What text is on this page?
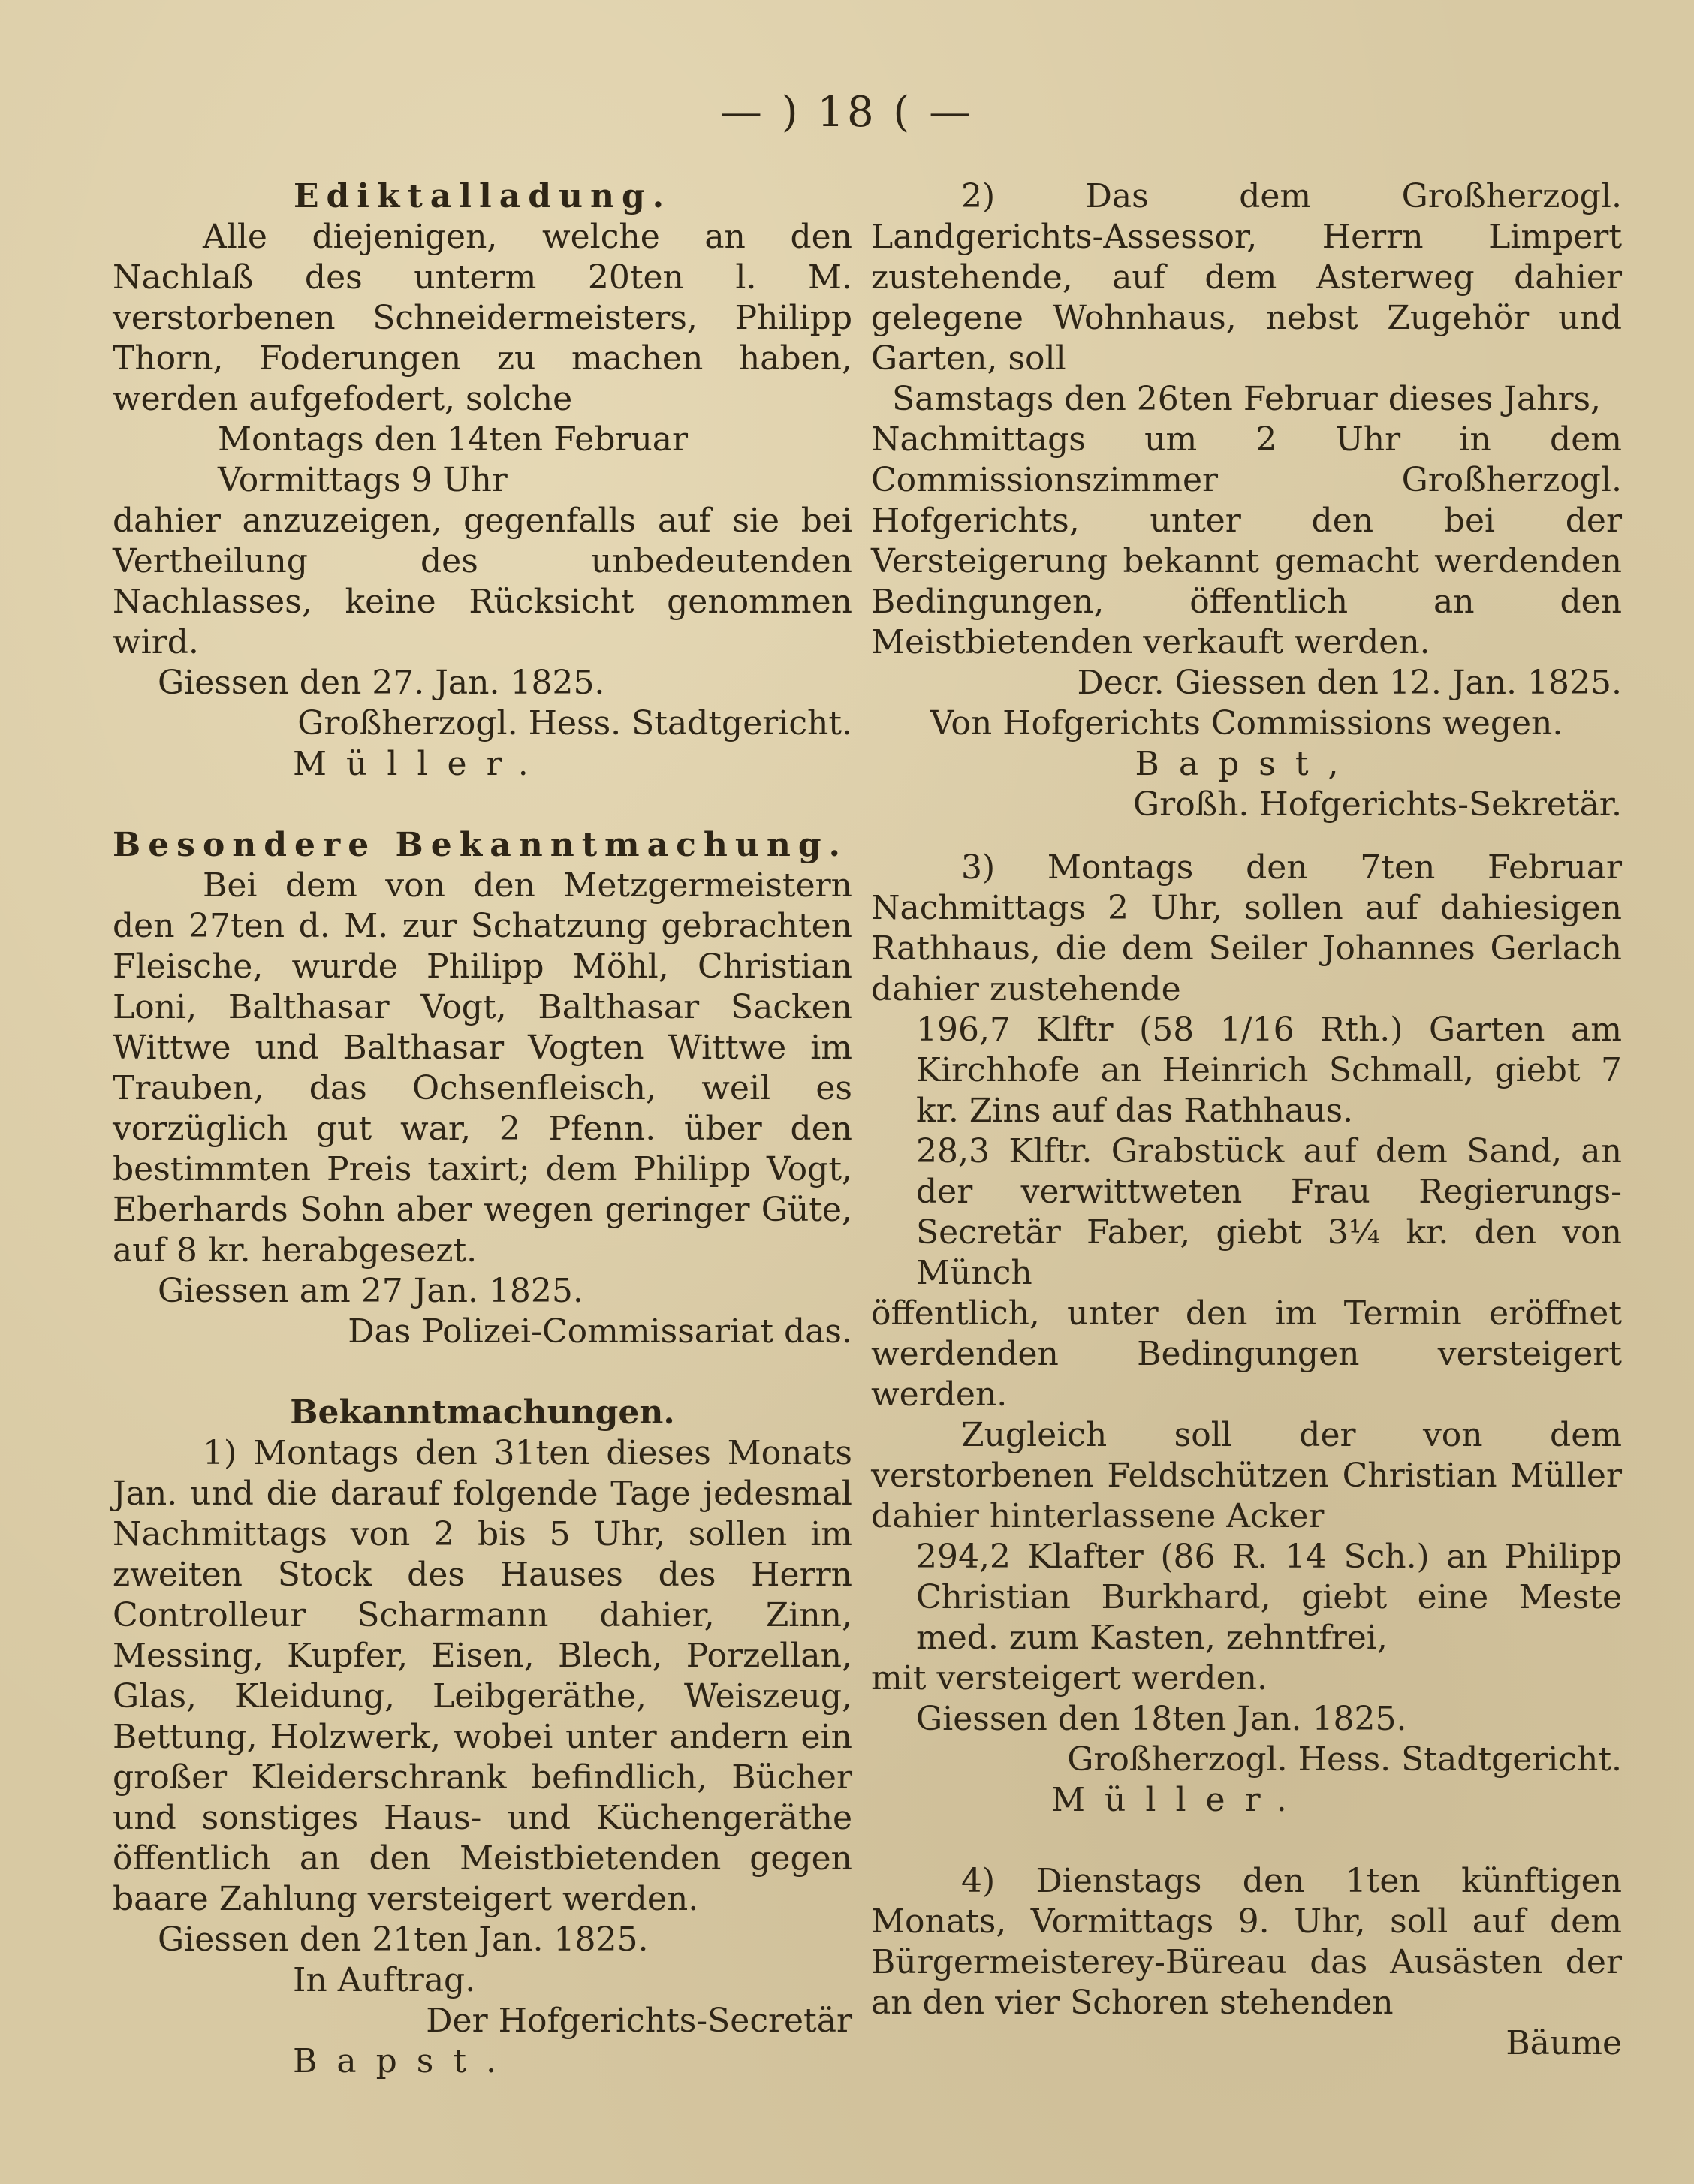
— ) 18 ( —

Ediktalladung.

Alle diejenigen, welche an den Nachlaß des unterm 20ten l. M. verstorbenen Schneidermeisters, Philipp Thorn, Foderungen zu machen haben, werden aufgefodert, solche

Montags den 14ten Februar Vormittags 9 Uhr

dahier anzuzeigen, gegenfalls auf sie bei Vertheilung des unbedeutenden Nachlasses, keine Rücksicht genommen wird.

Giessen den 27. Jan. 1825.

Großherzogl. Hess. Stadtgericht.

Müller.

Besondere Bekanntmachung.

Bei dem von den Metzgermeistern den 27ten d. M. zur Schatzung gebrachten Fleische, wurde Philipp Möhl, Christian Loni, Balthasar Vogt, Balthasar Sacken Wittwe und Balthasar Vogten Wittwe im Trauben, das Ochsenfleisch, weil es vorzüglich gut war, 2 Pfenn. über den bestimmten Preis taxirt; dem Philipp Vogt, Eberhards Sohn aber wegen geringer Güte, auf 8 kr. herabgesezt.

Giessen am 27 Jan. 1825.

Das Polizei-Commissariat das.

Bekanntmachungen.

1) Montags den 31ten dieses Monats Jan. und die darauf folgende Tage jedesmal Nachmittags von 2 bis 5 Uhr, sollen im zweiten Stock des Hauses des Herrn Controlleur Scharmann dahier, Zinn, Messing, Kupfer, Eisen, Blech, Porzellan, Glas, Kleidung, Leibgeräthe, Weiszeug, Bettung, Holzwerk, wobei unter andern ein großer Kleiderschrank befindlich, Bücher und sonstiges Haus- und Küchengeräthe öffentlich an den Meistbietenden gegen baare Zahlung versteigert werden.

Giessen den 21ten Jan. 1825.

In Auftrag.

Der Hofgerichts-Secretär

Bapst.

2) Das dem Großherzogl. Landgerichts-Assessor, Herrn Limpert zustehende, auf dem Asterweg dahier gelegene Wohnhaus, nebst Zugehör und Garten, soll

Samstags den 26ten Februar dieses Jahrs,

Nachmittags um 2 Uhr in dem Commissionszimmer Großherzogl. Hofgerichts, unter den bei der Versteigerung bekannt gemacht werdenden Bedingungen, öffentlich an den Meistbietenden verkauft werden.

Decr. Giessen den 12. Jan. 1825.

Von Hofgerichts Commissions wegen.

Bapst,

Großh. Hofgerichts-Sekretär.

3) Montags den 7ten Februar Nachmittags 2 Uhr, sollen auf dahiesigen Rathhaus, die dem Seiler Johannes Gerlach dahier zustehende

196,7 Klftr (58 1/16 Rth.) Garten am Kirchhofe an Heinrich Schmall, giebt 7 kr. Zins auf das Rathhaus.

28,3 Klftr. Grabstück auf dem Sand, an der verwittweten Frau Regierungs-Secretär Faber, giebt 3¼ kr. den von Münch

öffentlich, unter den im Termin eröffnet werdenden Bedingungen versteigert werden.

Zugleich soll der von dem verstorbenen Feldschützen Christian Müller dahier hinterlassene Acker

294,2 Klafter (86 R. 14 Sch.) an Philipp Christian Burkhard, giebt eine Meste med. zum Kasten, zehntfrei,

mit versteigert werden.

Giessen den 18ten Jan. 1825.

Großherzogl. Hess. Stadtgericht.

Müller.

4) Dienstags den 1ten künftigen Monats, Vormittags 9. Uhr, soll auf dem Bürgermeisterey-Büreau das Ausästen der an den vier Schoren stehenden

Bäume
